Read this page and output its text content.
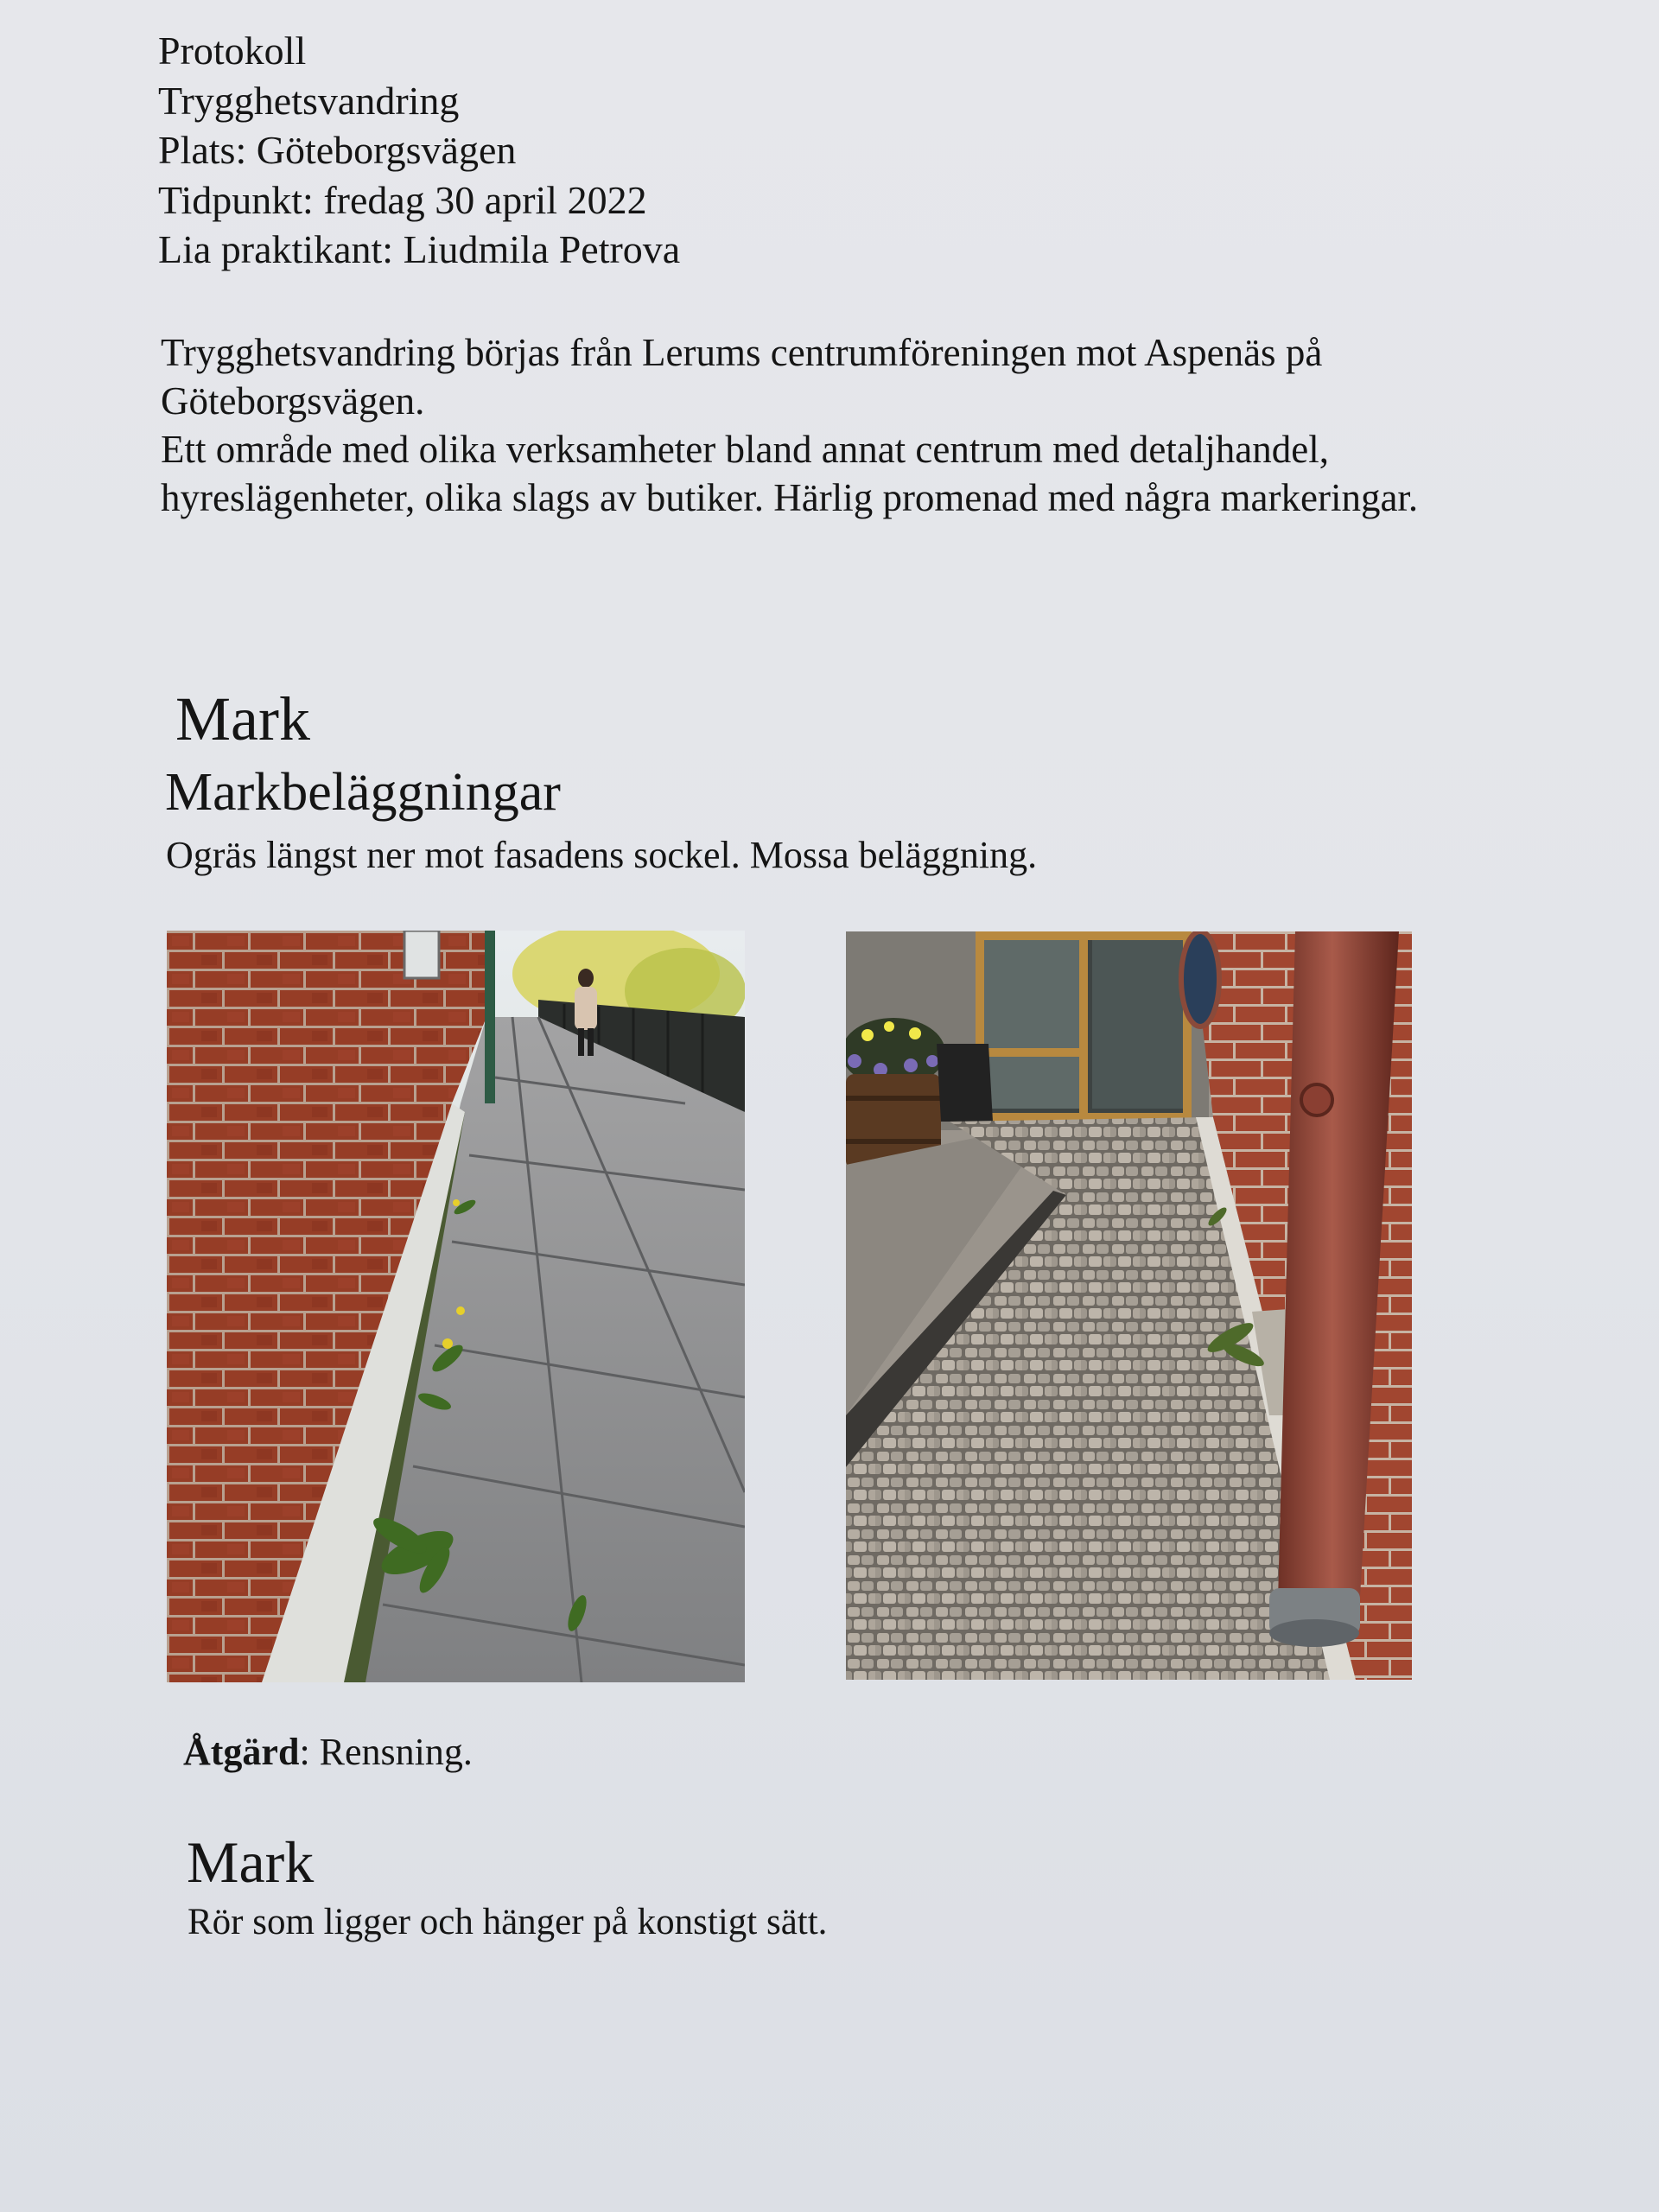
Protokoll
Trygghetsvandring
Plats: Göteborgsvägen
Tidpunkt: fredag 30 april 2022
Lia praktikant: Liudmila Petrova

Trygghetsvandring börjas från Lerums centrumföreningen mot Aspenäs på Göteborgsvägen.

Ett område med olika verksamheter bland annat centrum med detaljhandel, hyreslägenheter, olika slags av butiker. Härlig promenad med några markeringar.

Mark
Markbeläggningar
Ogräs längst ner mot fasadens sockel. Mossa beläggning.
Åtgärd: Rensning.
Mark
Rör som ligger och hänger på konstigt sätt.
